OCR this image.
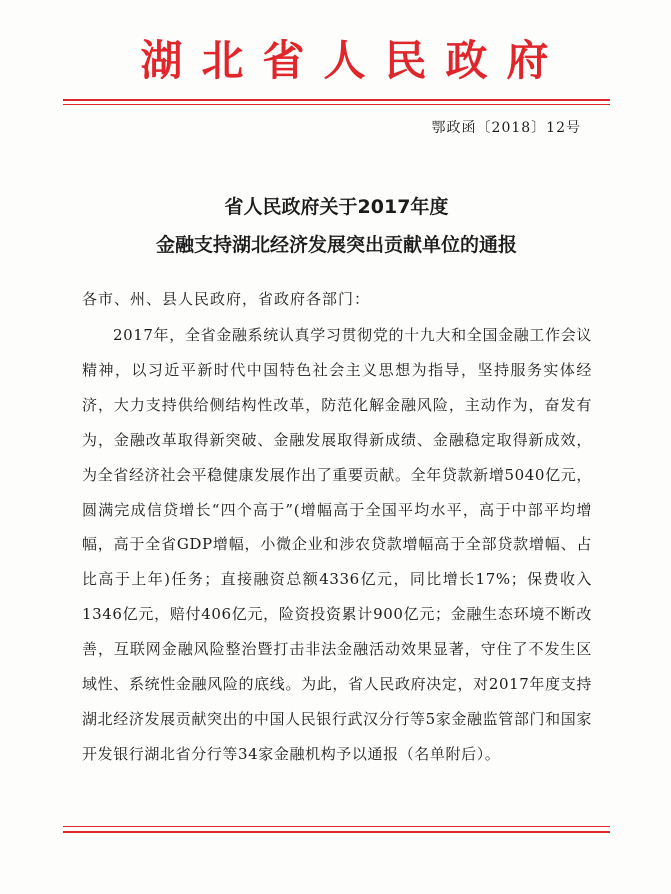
湖北省人民政府
鄂政函〔2018〕12号
省人民政府关于2017年度
金融支持湖北经济发展突出贡献单位的通报
各市、州、县人民政府，省政府各部门：
2017年，全省金融系统认真学习贯彻党的十九大和全国金融工作会议精神，以习近平新时代中国特色社会主义思想为指导，坚持服务实体经济，大力支持供给侧结构性改革，防范化解金融风险，主动作为，奋发有为，金融改革取得新突破、金融发展取得新成绩、金融稳定取得新成效，为全省经济社会平稳健康发展作出了重要贡献。全年贷款新增5040亿元，圆满完成信贷增长“四个高于”(增幅高于全国平均水平，高于中部平均增幅，高于全省GDP增幅，小微企业和涉农贷款增幅高于全部贷款增幅、占比高于上年)任务；直接融资总额4336亿元，同比增长17%；保费收入1346亿元，赔付406亿元，险资投资累计900亿元；金融生态环境不断改善，互联网金融风险整治暨打击非法金融活动效果显著，守住了不发生区域性、系统性金融风险的底线。为此，省人民政府决定，对2017年度支持湖北经济发展贡献突出的中国人民银行武汉分行等5家金融监管部门和国家开发银行湖北省分行等34家金融机构予以通报（名单附后）。
